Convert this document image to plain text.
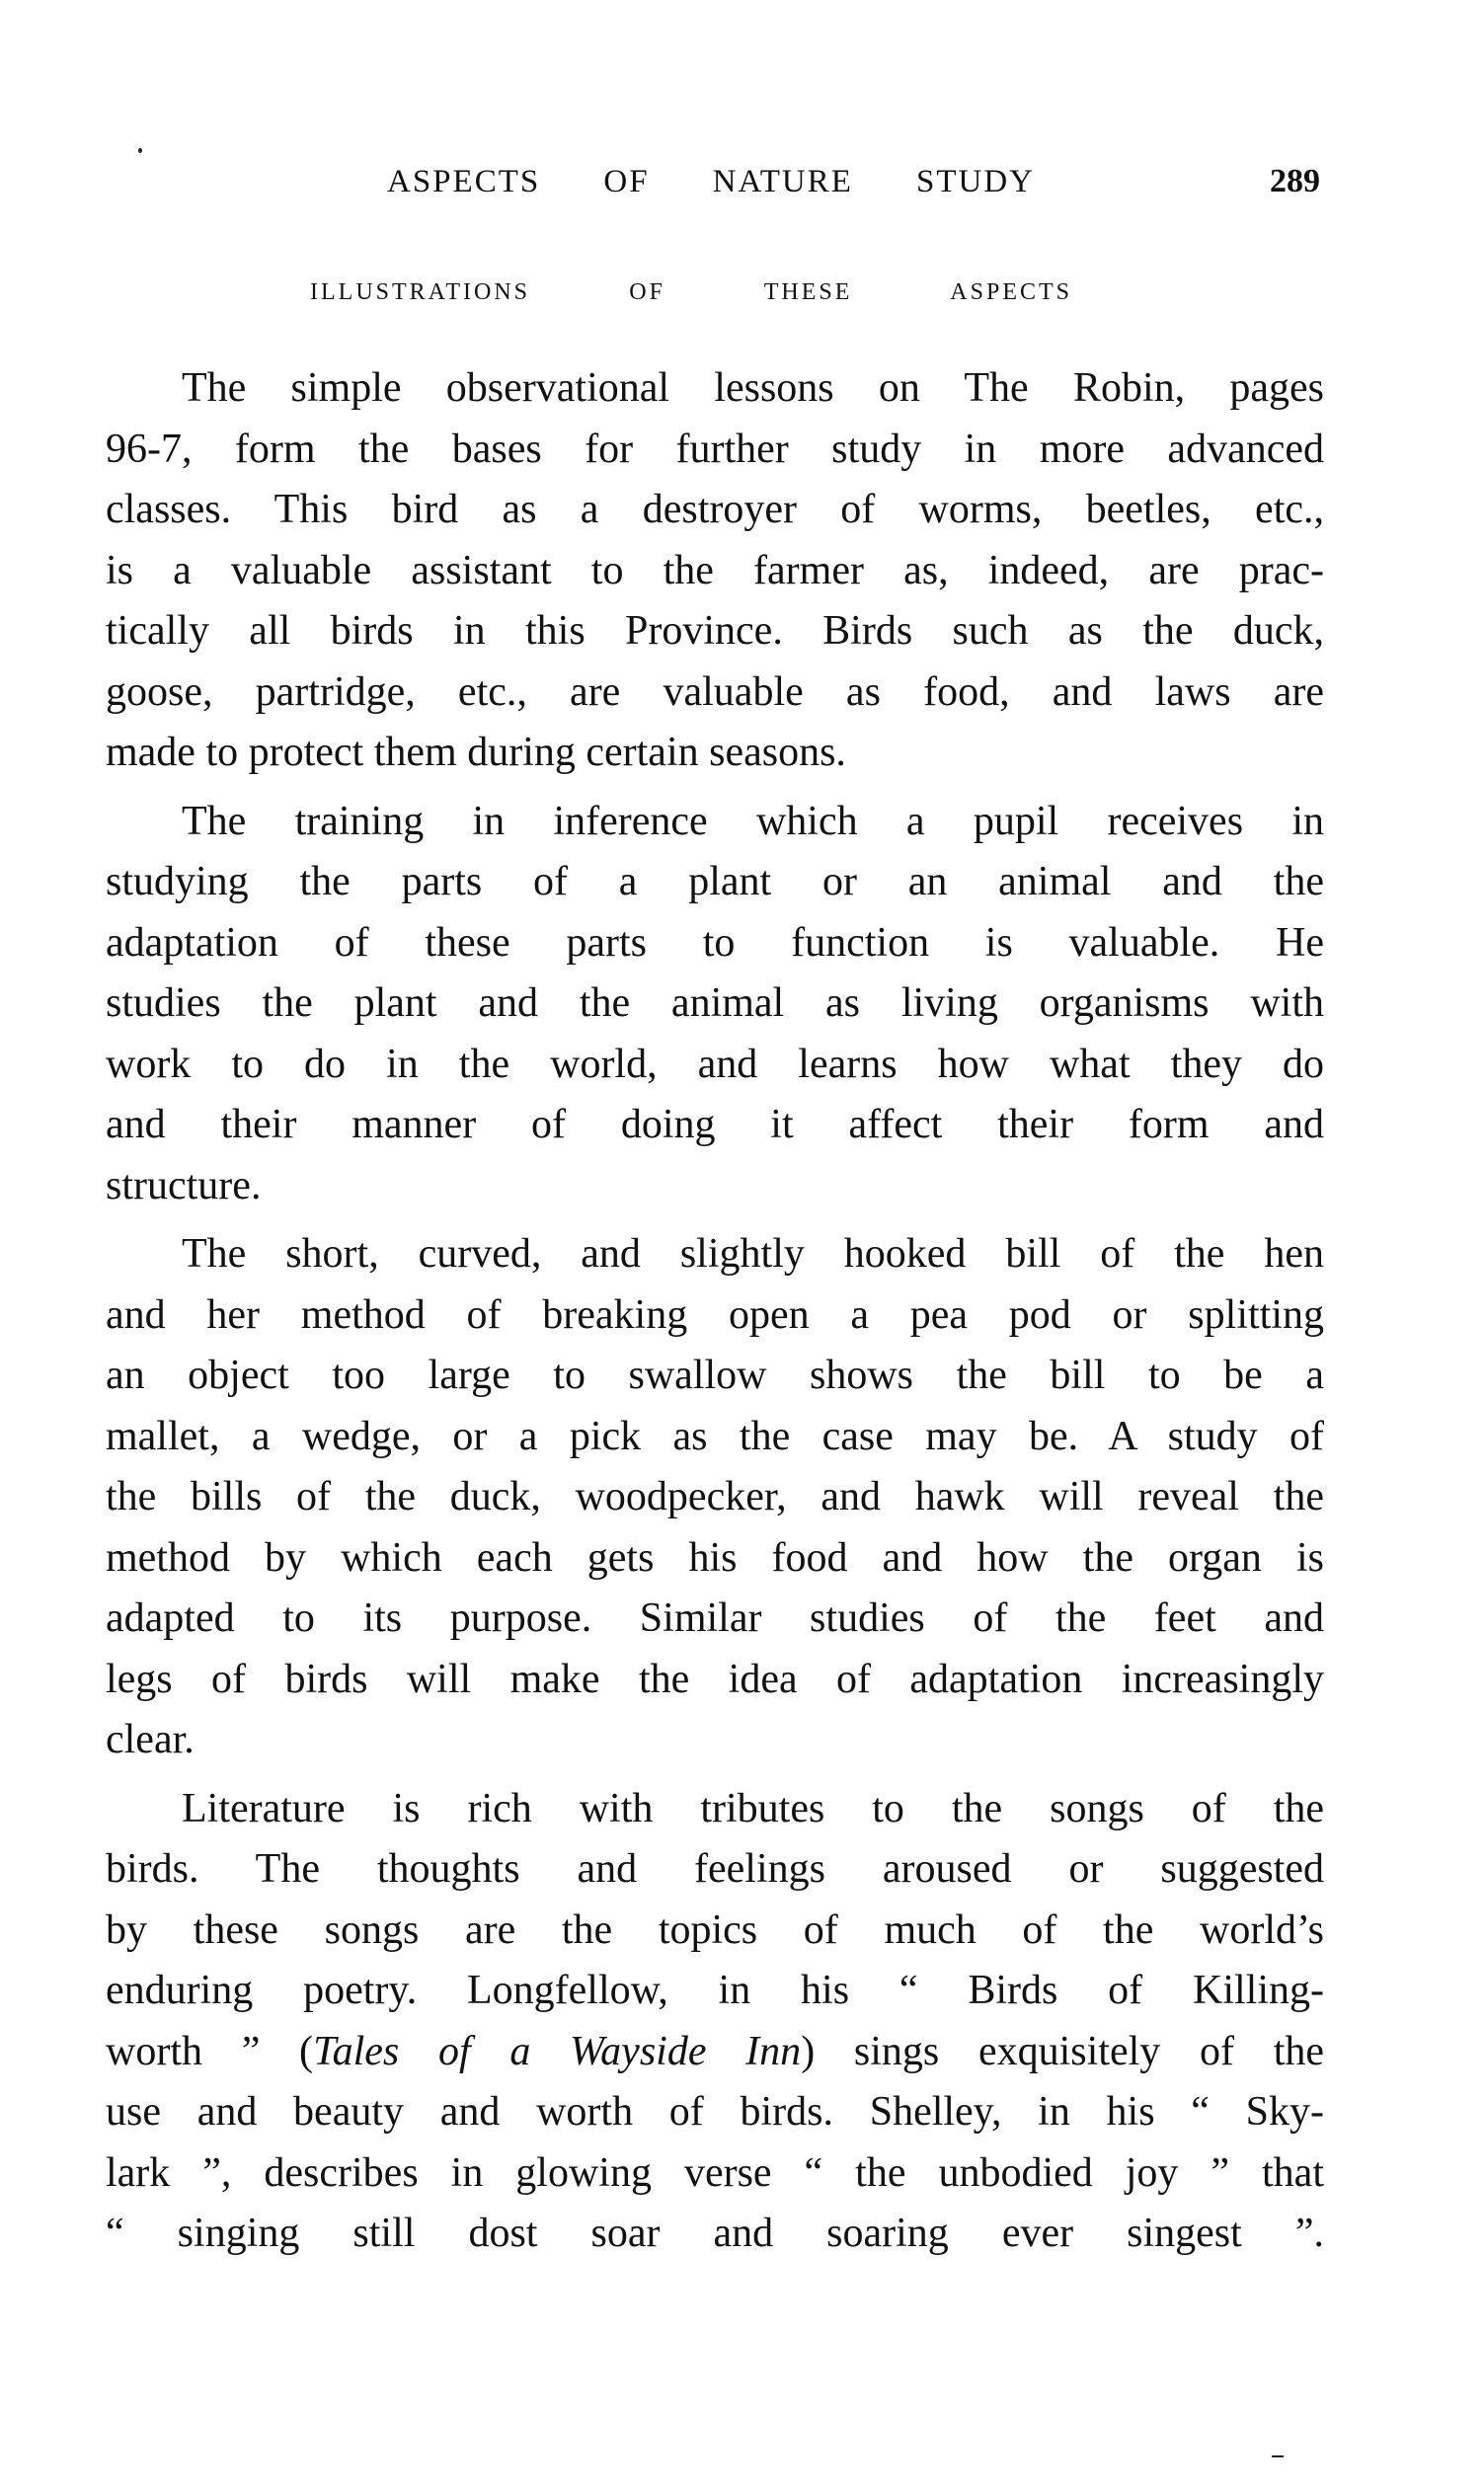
ASPECTS OF NATURE STUDY	289
ILLUSTRATIONS OF THESE ASPECTS
The simple observational lessons on The Robin, pages
96-7, form the bases for further study in more advanced
classes. This bird as a destroyer of worms, beetles, etc.,
is a valuable assistant to the farmer as, indeed, are prac-
tically all birds in this Province. Birds such as the duck,
goose, partridge, etc., are valuable as food, and laws are
made to protect them during certain seasons.
The training in inference which a pupil receives in
studying the parts of a plant or an animal and the
adaptation of these parts to function is valuable. He
studies the plant and the animal as living organisms with
work to do in the world, and learns how what they do
and their manner of doing it affect their form and
structure.
The short, curved, and slightly hooked bill of the hen
and her method of breaking open a pea pod or splitting
an object too large to swallow shows the bill to be a
mallet, a wedge, or a pick as the case may be. A study of
the bills of the duck, woodpecker, and hawk will reveal the
method by which each gets his food and how the organ is
adapted to its purpose. Similar studies of the feet and
legs of birds will make the idea of adaptation increasingly
clear.
Literature is rich with tributes to the songs of the
birds. The thoughts and feelings aroused or suggested
by these songs are the topics of much of the world’s
enduring poetry. Longfellow, in his “ Birds of Killing-
worth ” (Tales of a Wayside Inn) sings exquisitely of the
use and beauty and worth of birds. Shelley, in his “ Sky-
lark ”, describes in glowing verse “ the unbodied joy ” that
“ singing still dost soar and soaring ever singest ”.
